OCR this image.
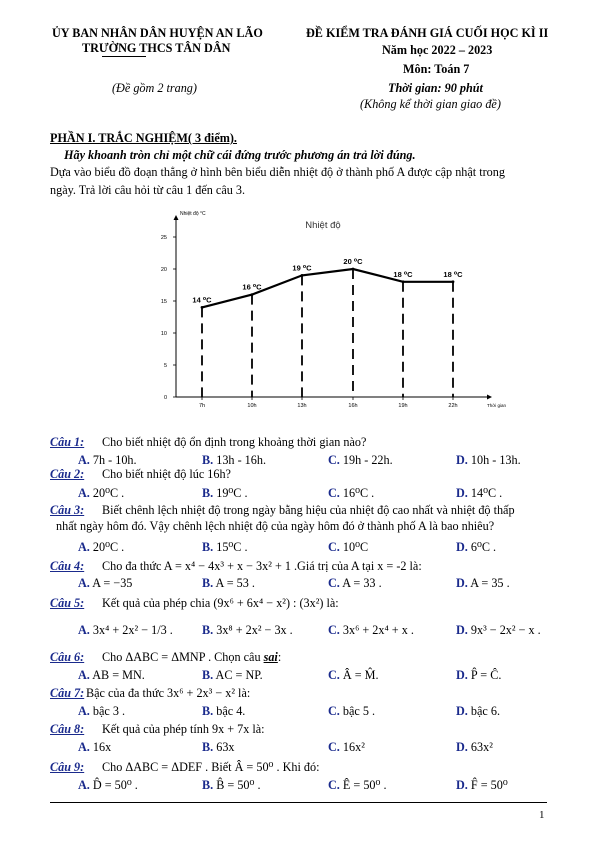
ỦY BAN NHÂN DÂN HUYỆN AN LÃO
TRƯỜNG THCS TÂN DÂN
(Đề gồm 2 trang)
ĐỀ KIỂM TRA ĐÁNH GIÁ CUỐI HỌC KÌ II
Năm học 2022 – 2023
Môn: Toán 7
Thời gian: 90 phút
(Không kể thời gian giao đề)
PHẦN I. TRẮC NGHIỆM( 3 điểm).
Hãy khoanh tròn chỉ một chữ cái đứng trước phương án trả lời đúng.
Dựa vào biểu đồ đoạn thẳng ở hình bên biểu diễn nhiệt độ ở thành phố A được cập nhật trong
ngày. Trả lời câu hỏi từ câu 1 đến câu 3.
Nhiệt độ
Nhiệt độ °C
Thời gian
14 ⁰C
16 ⁰C
19 ⁰C
20 ⁰C
18 ⁰C	18 ⁰C
0
5
10
15
20
25
7h	10h	13h	16h	19h	22h
Câu 1: Cho biết nhiệt độ ổn định trong khoảng thời gian nào?
A. 7h - 10h.	B. 13h - 16h.	C. 19h - 22h.	D. 10h - 13h.
Câu 2: Cho biết nhiệt độ lúc 16h?
A. 20⁰C .	B. 19⁰C .	C. 16⁰C .	D. 14⁰C .
Câu 3: Biết chênh lệch nhiệt độ trong ngày bằng hiệu của nhiệt độ cao nhất và nhiệt độ thấp
nhất ngày hôm đó. Vậy chênh lệch nhiệt độ của ngày hôm đó ở thành phố A là bao nhiêu?
A. 20⁰C .	B. 15⁰C .	C. 10⁰C	D. 6⁰C .
Câu 4: Cho đa thức A = x⁴ − 4x³ + x − 3x² + 1 .Giá trị của A tại x = -2 là:
A. A = −35	B. A = 53 .	C. A = 33 .	D. A = 35 .
Câu 5: Kết quả của phép chia (9x⁶ + 6x⁴ − x²) : (3x²) là:
A. 3x⁴ + 2x² − 1/3 . B. 3x⁸ + 2x² − 3x .	C. 3x⁶ + 2x⁴ + x .	D. 9x³ − 2x² − x .
Câu 6: Cho ΔABC = ΔMNP . Chọn câu sai:
A. AB = MN.	B. AC = NP.	C. Â = M̂.	D. P̂ = Ĉ.
Câu 7: Bậc của đa thức 3x⁶ + 2x³ − x² là:
A. bậc 3 .	B. bậc 4.	C. bậc 5 .	D. bậc 6.
Câu 8: Kết quả của phép tính 9x + 7x là:
A. 16x	B. 63x	C. 16x²	D. 63x²
Câu 9: Cho ΔABC = ΔDEF . Biết Â = 50⁰ . Khi đó:
A. D̂ = 50⁰ .	B. B̂ = 50⁰ .	C. Ê = 50⁰ .	D. F̂ = 50⁰
1
